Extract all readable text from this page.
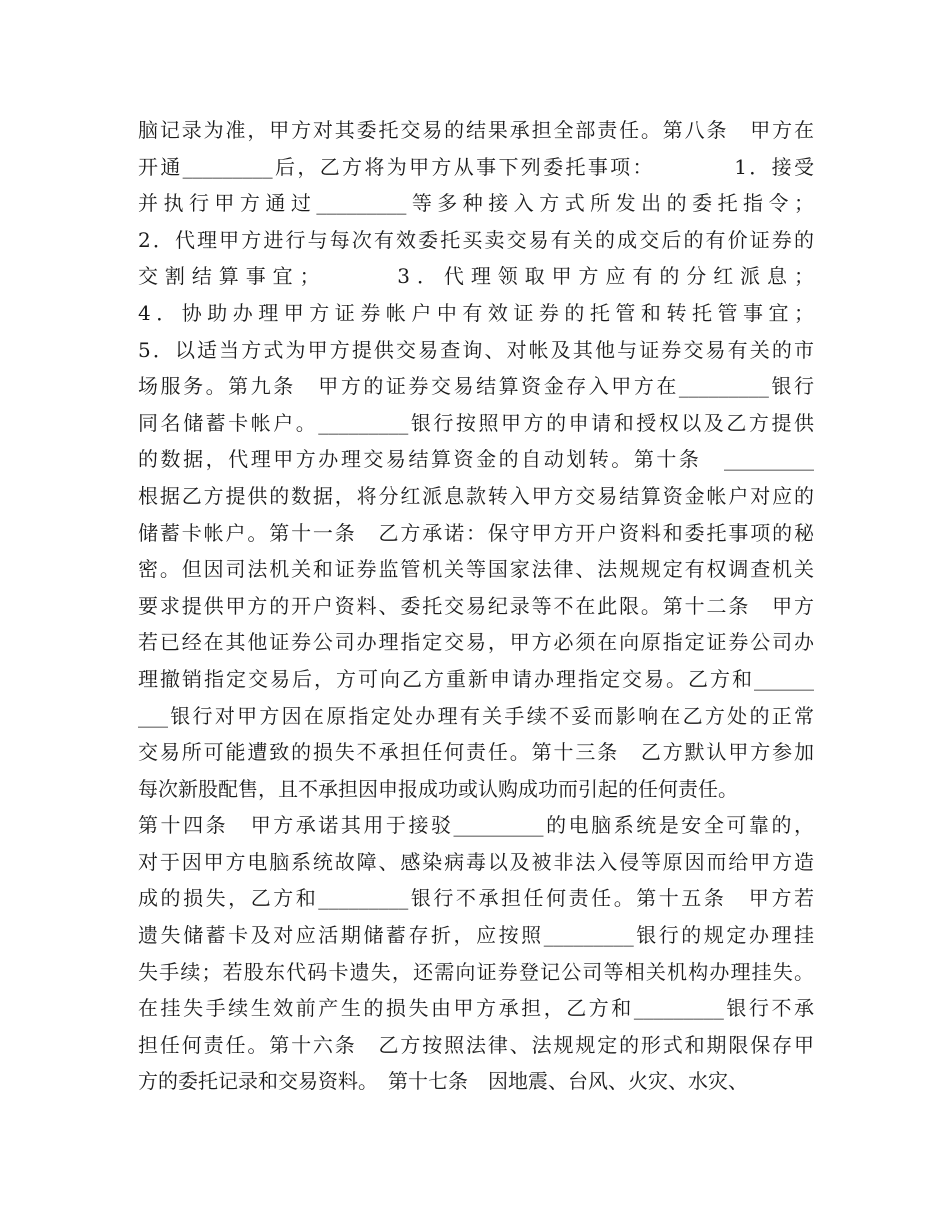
脑记录为准，甲方对其委托交易的结果承担全部责任。第八条　甲方在
开通_________后，乙方将为甲方从事下列委托事项：　　　　1．接受
并执行甲方通过_________等多种接入方式所发出的委托指令；
2．代理甲方进行与每次有效委托买卖交易有关的成交后的有价证券的
交割结算事宜；　　　3．代理领取甲方应有的分红派息；
4．协助办理甲方证券帐户中有效证券的托管和转托管事宜；
5．以适当方式为甲方提供交易查询、对帐及其他与证券交易有关的市
场服务。第九条　甲方的证券交易结算资金存入甲方在_________银行
同名储蓄卡帐户。_________银行按照甲方的申请和授权以及乙方提供
的数据，代理甲方办理交易结算资金的自动划转。第十条　_________
根据乙方提供的数据，将分红派息款转入甲方交易结算资金帐户对应的
储蓄卡帐户。第十一条　乙方承诺：保守甲方开户资料和委托事项的秘
密。但因司法机关和证券监管机关等国家法律、法规规定有权调查机关
要求提供甲方的开户资料、委托交易纪录等不在此限。第十二条　甲方
若已经在其他证券公司办理指定交易，甲方必须在向原指定证券公司办
理撤销指定交易后，方可向乙方重新申请办理指定交易。乙方和______
___银行对甲方因在原指定处办理有关手续不妥而影响在乙方处的正常
交易所可能遭致的损失不承担任何责任。第十三条　乙方默认甲方参加
每次新股配售，且不承担因申报成功或认购成功而引起的任何责任。
第十四条　甲方承诺其用于接驳_________的电脑系统是安全可靠的，
对于因甲方电脑系统故障、感染病毒以及被非法入侵等原因而给甲方造
成的损失，乙方和_________银行不承担任何责任。第十五条　甲方若
遗失储蓄卡及对应活期储蓄存折，应按照_________银行的规定办理挂
失手续；若股东代码卡遗失，还需向证券登记公司等相关机构办理挂失。
在挂失手续生效前产生的损失由甲方承担，乙方和_________银行不承
担任何责任。第十六条　乙方按照法律、法规规定的形式和期限保存甲
方的委托记录和交易资料。　第十七条　因地震、台风、火灾、水灾、
